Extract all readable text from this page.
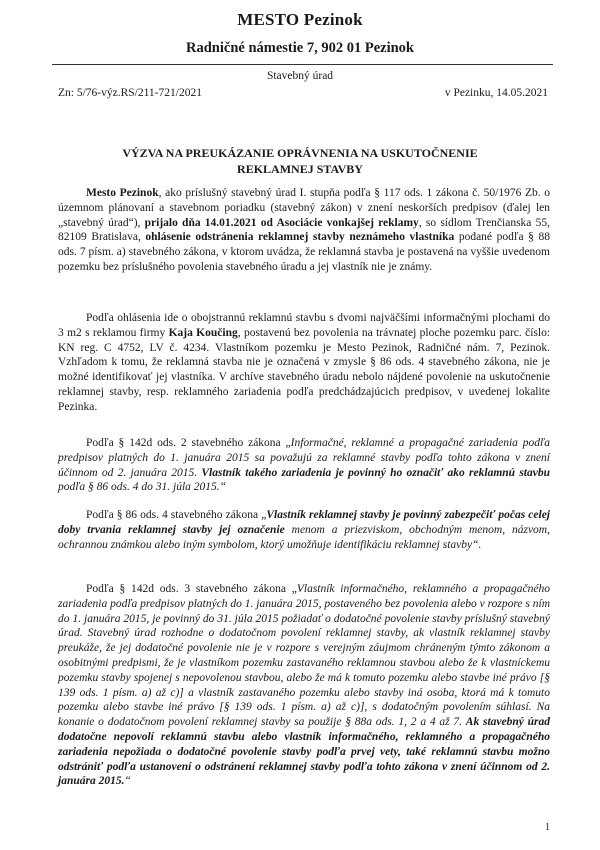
MESTO Pezinok
Radničné námestie 7, 902 01 Pezinok
Stavebný úrad
Zn: 5/76-výz.RS/211-721/2021	v Pezinku, 14.05.2021
VÝZVA NA PREUKÁZANIE OPRÁVNENIA NA USKUTOČNENIE REKLAMNEJ STAVBY

Mesto Pezinok, ako príslušný stavebný úrad I. stupňa podľa § 117 ods. 1 zákona č. 50/1976 Zb. o územnom plánovaní a stavebnom poriadku (stavebný zákon) v znení neskorších predpisov (ďalej len „stavebný úrad“), prijalo dňa 14.01.2021 od Asociácie vonkajšej reklamy, so sídlom Trenčianska 55, 82109 Bratislava, ohlásenie odstránenia reklamnej stavby neznámeho vlastníka podané podľa § 88 ods. 7 písm. a) stavebného zákona, v ktorom uvádza, že reklamná stavba je postavená na vyššie uvedenom pozemku bez príslušného povolenia stavebného úradu a jej vlastník nie je známy.

Podľa ohlásenia ide o obojstrannú reklamnú stavbu s dvomi najväčšími informačnými plochami do 3 m2 s reklamou firmy Kaja Koučing, postavenú bez povolenia na trávnatej ploche pozemku parc. číslo: KN reg. C 4752, LV č. 4234. Vlastníkom pozemku je Mesto Pezinok, Radničné nám. 7, Pezinok. Vzhľadom k tomu, že reklamná stavba nie je označená v zmysle § 86 ods. 4 stavebného zákona, nie je možné identifikovať jej vlastníka. V archíve stavebného úradu nebolo nájdené povolenie na uskutočnenie reklamnej stavby, resp. reklamného zariadenia podľa predchádzajúcich predpisov, v uvedenej lokalite Pezinka.

Podľa § 142d ods. 2 stavebného zákona „Informačné, reklamné a propagačné zariadenia podľa predpisov platných do 1. januára 2015 sa považujú za reklamné stavby podľa tohto zákona v znení účinnom od 2. januára 2015. Vlastník takého zariadenia je povinný ho označiť ako reklamnú stavbu podľa § 86 ods. 4 do 31. júla 2015.“

Podľa § 86 ods. 4 stavebného zákona „Vlastník reklamnej stavby je povinný zabezpečiť počas celej doby trvania reklamnej stavby jej označenie menom a priezviskom, obchodným menom, názvom, ochrannou známkou alebo iným symbolom, ktorý umožňuje identifikáciu reklamnej stavby“.

Podľa § 142d ods. 3 stavebného zákona „Vlastník informačného, reklamného a propagačného zariadenia podľa predpisov platných do 1. januára 2015, postaveného bez povolenia alebo v rozpore s ním do 1. januára 2015, je povinný do 31. júla 2015 požiadať o dodatočné povolenie stavby príslušný stavebný úrad. Stavebný úrad rozhodne o dodatočnom povolení reklamnej stavby, ak vlastník reklamnej stavby preukáže, že jej dodatočné povolenie nie je v rozpore s verejným záujmom chráneným týmto zákonom a osobitnými predpismi, že je vlastníkom pozemku zastavaného reklamnou stavbou alebo že k vlastníckemu pozemku stavby spojenej s nepovolenou stavbou, alebo že má k tomuto pozemku alebo stavbe iné právo [§ 139 ods. 1 písm. a) až c)] a vlastník zastavaného pozemku alebo stavby iná osoba, ktorá má k tomuto pozemku alebo stavbe iné právo [§ 139 ods. 1 písm. a) až c)], s dodatočným povolením súhlasí. Na konanie o dodatočnom povolení reklamnej stavby sa použije § 88a ods. 1, 2 a 4 až 7. Ak stavebný úrad dodatočne nepovolí reklamnú stavbu alebo vlastník informačného, reklamného a propagačného zariadenia nepožiada o dodatočné povolenie stavby podľa prvej vety, také reklamnú stavbu možno odstrániť podľa ustanovení o odstránení reklamnej stavby podľa tohto zákona v znení účinnom od 2. januára 2015.“

1
